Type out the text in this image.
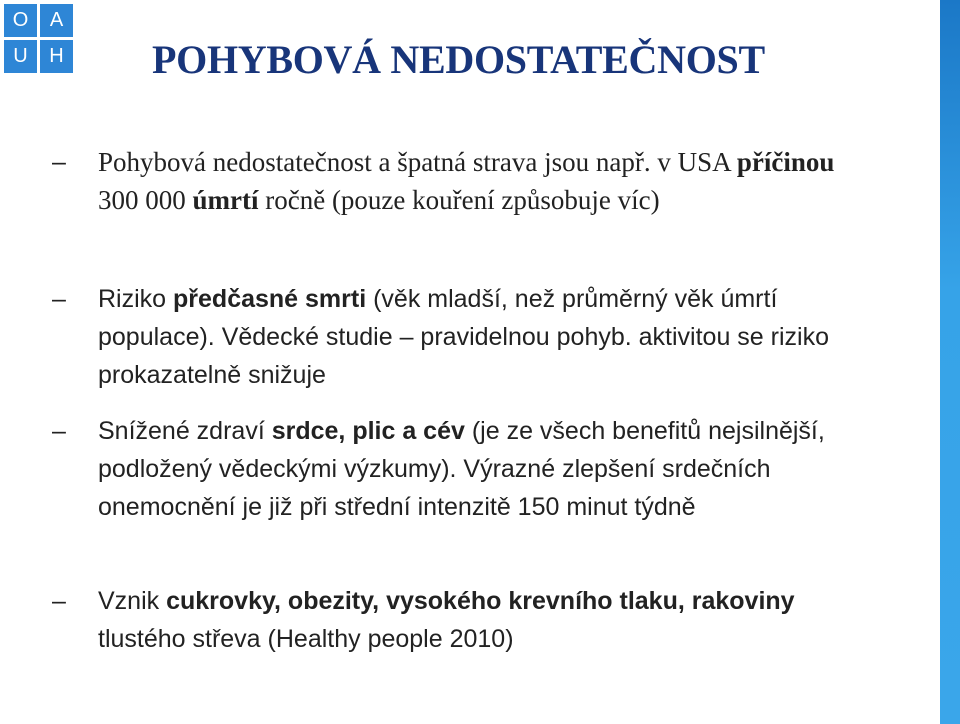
O	A
U	H POHYBOVÁ NEDOSTATEČNOST
–	Pohybová nedostatečnost a špatná strava jsou např. v USA příčinou 300 000 úmrtí ročně (pouze kouření způsobuje víc)
–	Riziko předčasné smrti (věk mladší, než průměrný věk úmrtí populace). Vědecké studie – pravidelnou pohyb. aktivitou se riziko prokazatelně snižuje
–	Snížené zdraví srdce, plic a cév (je ze všech benefitů nejsilnější, podložený vědeckými výzkumy). Výrazné zlepšení srdečních onemocnění je již při střední intenzitě 150 minut týdně
–	Vznik cukrovky, obezity, vysokého krevního tlaku, rakoviny tlustého střeva (Healthy people 2010)
